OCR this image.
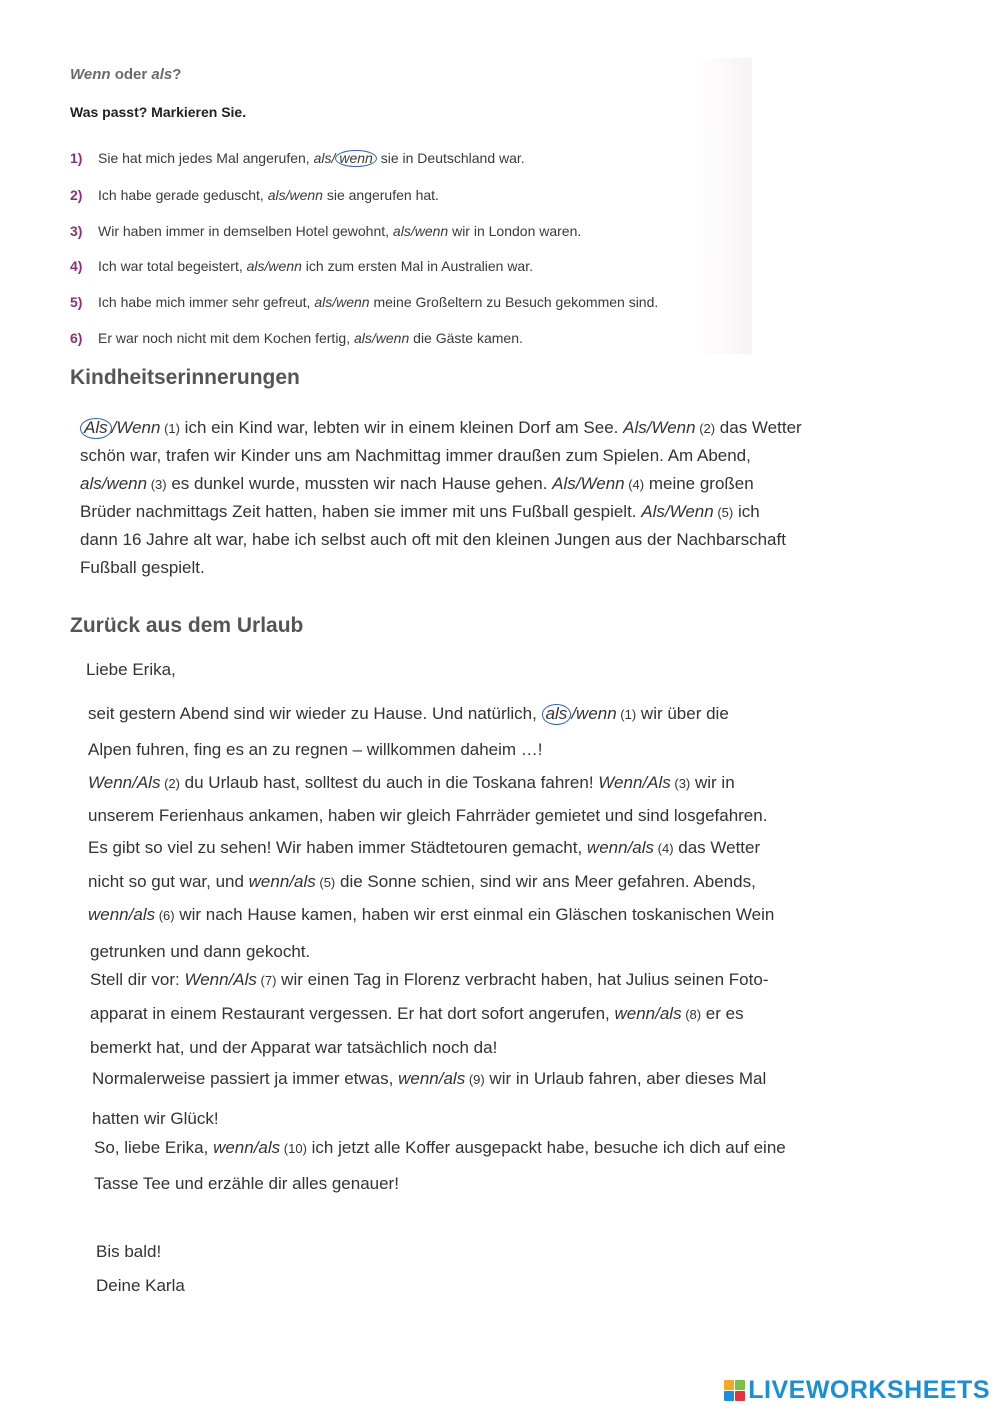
Wenn oder als?
Was passt? Markieren Sie.
1) Sie hat mich jedes Mal angerufen, als/ wenn sie in Deutschland war.
2) Ich habe gerade geduscht, als/wenn sie angerufen hat.
3) Wir haben immer in demselben Hotel gewohnt, als/wenn wir in London waren.
4) Ich war total begeistert, als/wenn ich zum ersten Mal in Australien war.
5) Ich habe mich immer sehr gefreut, als/wenn meine Großeltern zu Besuch gekommen sind.
6) Er war noch nicht mit dem Kochen fertig, als/wenn die Gäste kamen.
Kindheitserinnerungen
Als /Wenn (1) ich ein Kind war, lebten wir in einem kleinen Dorf am See. Als/Wenn (2) das Wetter
schön war, trafen wir Kinder uns am Nachmittag immer draußen zum Spielen. Am Abend,
als/wenn (3) es dunkel wurde, mussten wir nach Hause gehen. Als/Wenn (4) meine großen
Brüder nachmittags Zeit hatten, haben sie immer mit uns Fußball gespielt. Als/Wenn (5) ich
dann 16 Jahre alt war, habe ich selbst auch oft mit den kleinen Jungen aus der Nachbarschaft
Fußball gespielt.
Zurück aus dem Urlaub
Liebe Erika,
seit gestern Abend sind wir wieder zu Hause. Und natürlich, als /wenn (1) wir über die
Alpen fuhren, fing es an zu regnen – willkommen daheim …!
Wenn/Als (2) du Urlaub hast, solltest du auch in die Toskana fahren! Wenn/Als (3) wir in
unserem Ferienhaus ankamen, haben wir gleich Fahrräder gemietet und sind losgefahren.
Es gibt so viel zu sehen! Wir haben immer Städtetouren gemacht, wenn/als (4) das Wetter
nicht so gut war, und wenn/als (5) die Sonne schien, sind wir ans Meer gefahren. Abends,
wenn/als (6) wir nach Hause kamen, haben wir erst einmal ein Gläschen toskanischen Wein
getrunken und dann gekocht.
Stell dir vor: Wenn/Als (7) wir einen Tag in Florenz verbracht haben, hat Julius seinen Foto-
apparat in einem Restaurant vergessen. Er hat dort sofort angerufen, wenn/als (8) er es
bemerkt hat, und der Apparat war tatsächlich noch da!
Normalerweise passiert ja immer etwas, wenn/als (9) wir in Urlaub fahren, aber dieses Mal
hatten wir Glück!
So, liebe Erika, wenn/als (10) ich jetzt alle Koffer ausgepackt habe, besuche ich dich auf eine
Tasse Tee und erzähle dir alles genauer!
Bis bald!
Deine Karla
LIVEWORKSHEETS
